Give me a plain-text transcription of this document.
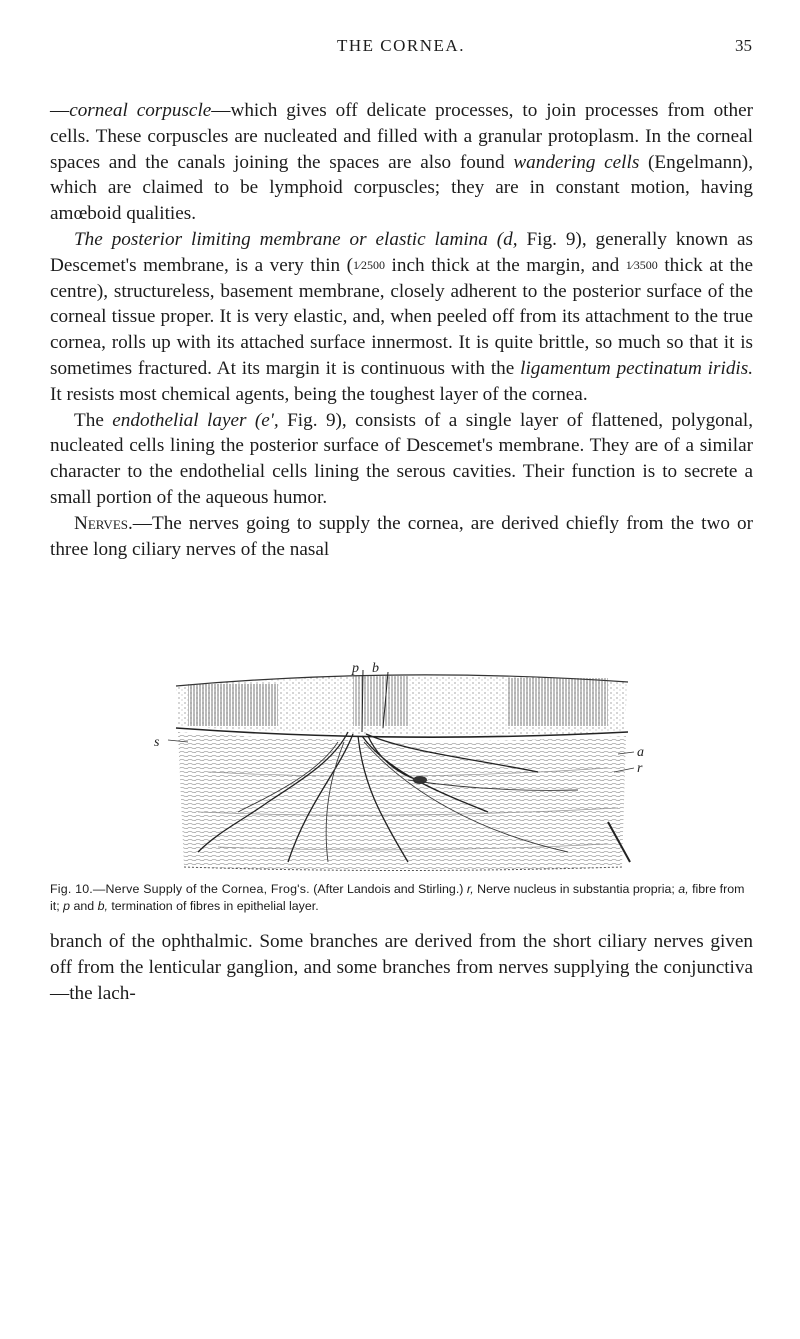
THE CORNEA.	35

—corneal corpuscle—which gives off delicate processes, to join processes from other cells. These corpuscles are nucleated and filled with a granular protoplasm. In the corneal spaces and the canals joining the spaces are also found wandering cells (Engelmann), which are claimed to be lymphoid corpuscles; they are in constant motion, having amœboid qualities.

The posterior limiting membrane or elastic lamina (d, Fig. 9), generally known as Descemet's membrane, is a very thin (1⁄2500 inch thick at the margin, and 1⁄3500 thick at the centre), structureless, basement membrane, closely adherent to the posterior surface of the corneal tissue proper. It is very elastic, and, when peeled off from its attachment to the true cornea, rolls up with its attached surface innermost. It is quite brittle, so much so that it is sometimes fractured. At its margin it is continuous with the ligamentum pectinatum iridis. It resists most chemical agents, being the toughest layer of the cornea.

The endothelial layer (e', Fig. 9), consists of a single layer of flattened, polygonal, nucleated cells lining the posterior surface of Descemet's membrane. They are of a similar character to the endothelial cells lining the serous cavities. Their function is to secrete a small portion of the aqueous humor.

Nerves.—The nerves going to supply the cornea, are derived chiefly from the two or three long ciliary nerves of the nasal

p b
s
a
r
Fig. 10.—Nerve Supply of the Cornea, Frog's. (After Landois and Stirling.) r, Nerve nucleus in substantia propria; a, fibre from it; p and b, termination of fibres in epithelial layer.

branch of the ophthalmic. Some branches are derived from the short ciliary nerves given off from the lenticular ganglion, and some branches from nerves supplying the conjunctiva—the lach-
